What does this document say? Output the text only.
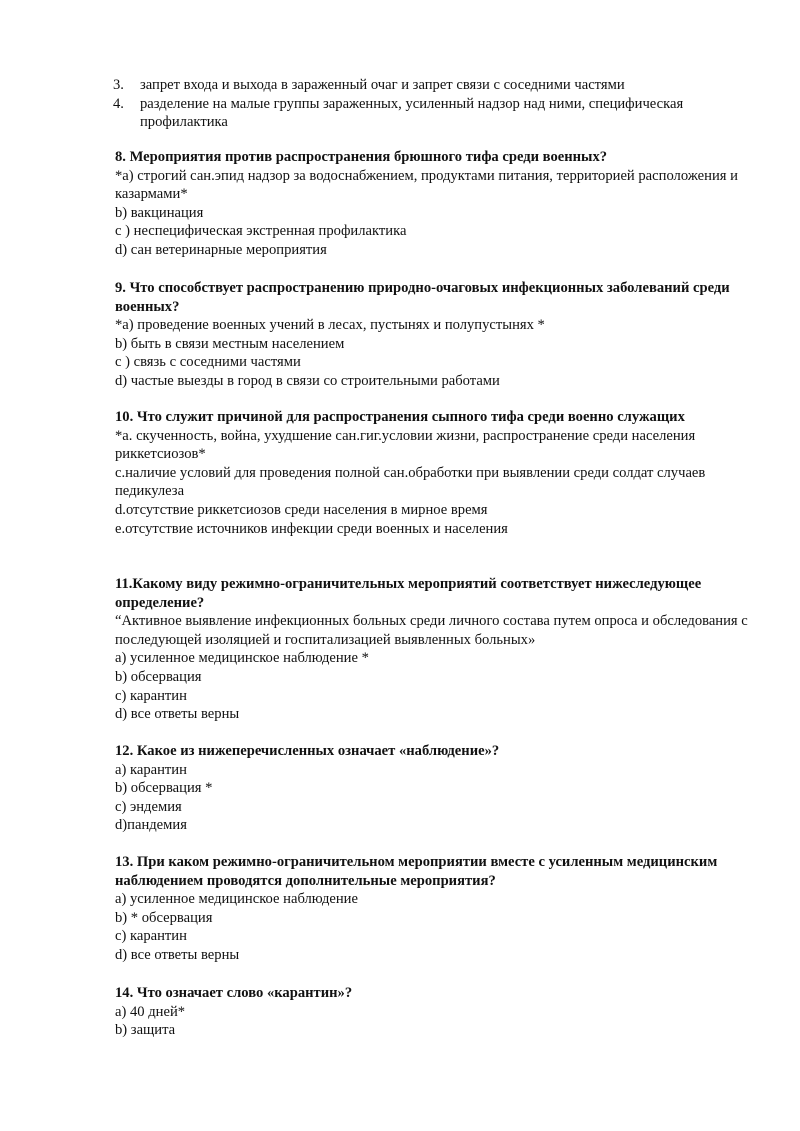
3.	запрет входа и выхода в зараженный очаг и запрет связи с соседними частями
4.	разделение на малые группы зараженных, усиленный надзор над ними, специфическая профилактика

8. Мероприятия против распространения брюшного тифа среди военных?

*а) строгий сан.эпид надзор за водоснабжением, продуктами питания, территорией расположения и казармами*

b) вакцинация

c ) неспецифическая экстренная профилактика

d) сан ветеринарные мероприятия

9. Что способствует распространению природно-очаговых инфекционных заболеваний среди военных?

*а) проведение военных учений в лесах, пустынях и полупустынях *

b) быть в связи местным населением

c ) связь с соседними частями

d) частые выезды в город в связи со строительными работами

10. Что служит причиной для распространения сыпного тифа среди военно служащих

*а. скученность, война, ухудшение сан.гиг.условии жизни, распространение среди населения риккетсиозов*

c.наличие условий для проведения полной сан.обработки при выявлении среди солдат случаев педикулеза

d.отсутствие риккетсиозов среди населения в мирное время

e.отсутствие источников инфекции среди военных и населения

11.Какому виду режимно-ограничительных мероприятий соответствует нижеследующее определение?

“Активное выявление инфекционных больных среди личного состава путем опроса и обследования с последующей изоляцией и госпитализацией выявленных больных»

a) усиленное медицинское наблюдение *

b) обсервация

c) карантин

d) все ответы верны

12. Какое из нижеперечисленных означает «наблюдение»?

a) карантин

b) обсервация *

c) эндемия

d)пандемия

13. При каком режимно-ограничительном мероприятии вместе с усиленным медицинским наблюдением проводятся дополнительные мероприятия?

a) усиленное медицинское наблюдение

b) * обсервация

c) карантин

d) все ответы верны

14. Что означает слово «карантин»?

a) 40 дней*

b) защита
